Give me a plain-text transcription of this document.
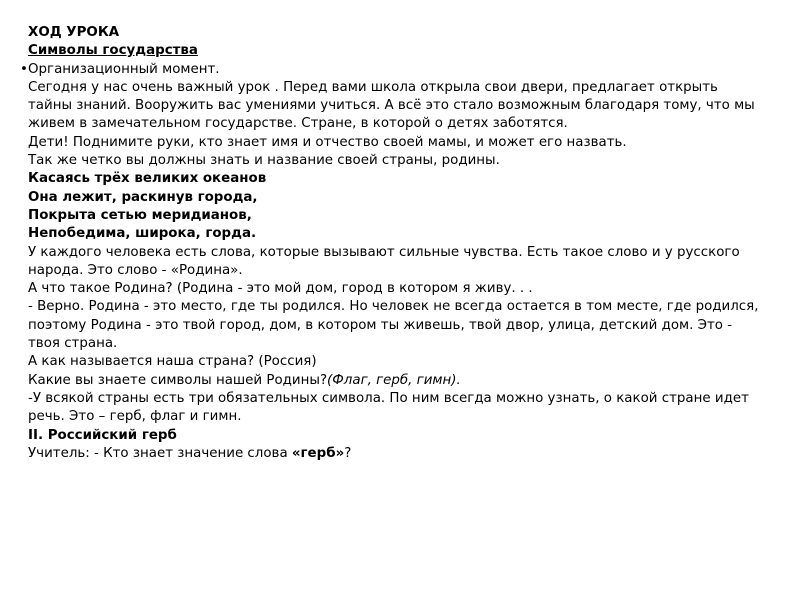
ХОД УРОКА
Символы государства
• Организационный момент.
Сегодня у нас очень важный урок . Перед вами школа открыла свои двери, предлагает открыть
тайны знаний. Вооружить вас умениями учиться. А всё это стало возможным благодаря тому, что мы
живем в замечательном государстве. Стране, в которой о детях заботятся.
Дети! Поднимите руки, кто знает имя и отчество своей мамы, и может его назвать.
Так же четко вы должны знать и название своей страны, родины.
Касаясь трёх великих океанов
Она лежит, раскинув города,
Покрыта сетью меридианов,
Непобедима, широка, горда.
У каждого человека есть слова, которые вызывают сильные чувства. Есть такое слово и у русского
народа. Это слово - «Родина».
А что такое Родина? (Родина - это мой дом, город в котором я живу. . .
- Верно. Родина - это место, где ты родился. Но человек не всегда остается в том месте, где родился,
поэтому Родина - это твой город, дом, в котором ты живешь, твой двор, улица, детский дом. Это -
твоя страна.
А как называется наша страна? (Россия)
Какие вы знаете символы нашей Родины?(Флаг, герб, гимн).
-У всякой страны есть три обязательных символа. По ним всегда можно узнать, о какой стране идет
речь. Это – герб, флаг и гимн.
II. Российский герб
Учитель: - Кто знает значение слова «герб»?
